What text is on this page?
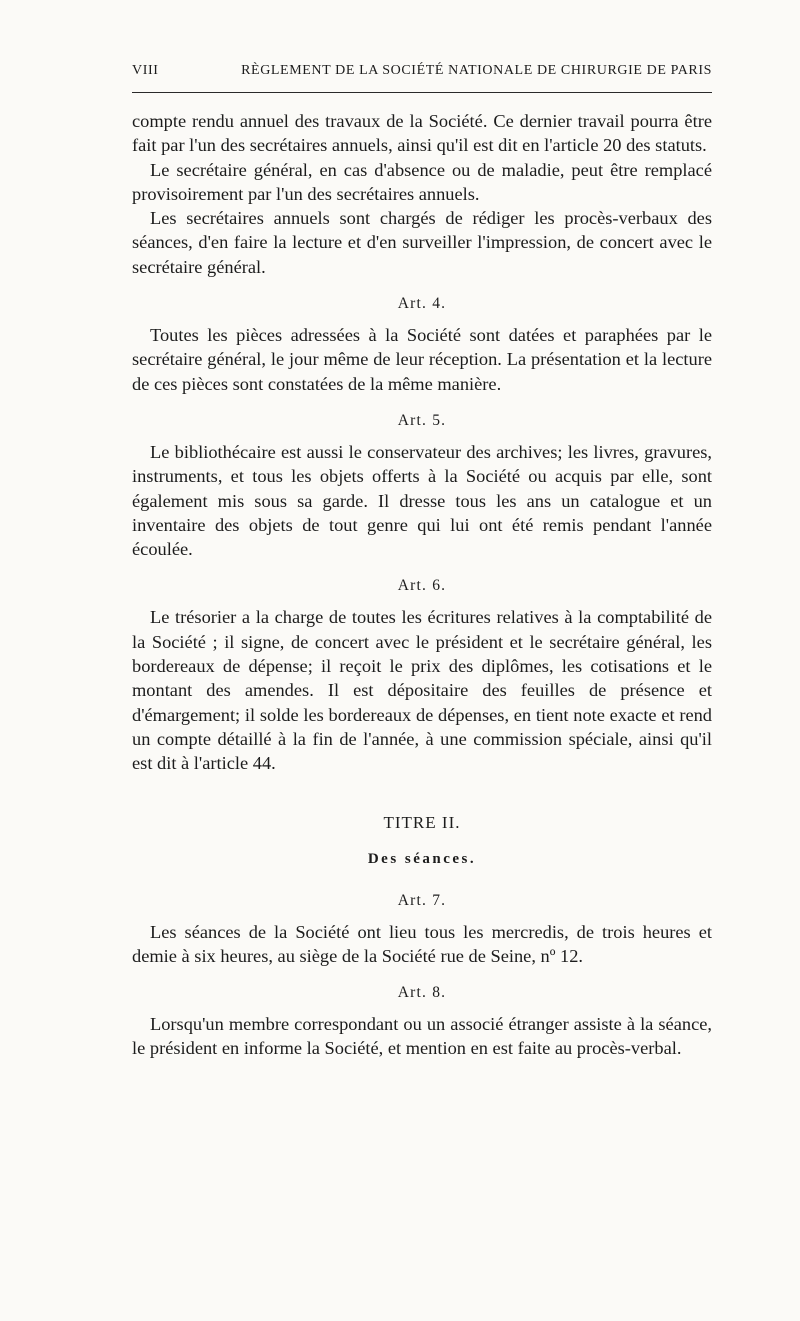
VIII	RÈGLEMENT DE LA SOCIÉTÉ NATIONALE DE CHIRURGIE DE PARIS

compte rendu annuel des travaux de la Société. Ce dernier travail pourra être fait par l'un des secrétaires annuels, ainsi qu'il est dit en l'article 20 des statuts.

Le secrétaire général, en cas d'absence ou de maladie, peut être remplacé provisoirement par l'un des secrétaires annuels.

Les secrétaires annuels sont chargés de rédiger les procès-verbaux des séances, d'en faire la lecture et d'en surveiller l'impression, de concert avec le secrétaire général.

Art. 4.

Toutes les pièces adressées à la Société sont datées et paraphées par le secrétaire général, le jour même de leur réception. La présentation et la lecture de ces pièces sont constatées de la même manière.

Art. 5.

Le bibliothécaire est aussi le conservateur des archives; les livres, gravures, instruments, et tous les objets offerts à la Société ou acquis par elle, sont également mis sous sa garde. Il dresse tous les ans un catalogue et un inventaire des objets de tout genre qui lui ont été remis pendant l'année écoulée.

Art. 6.

Le trésorier a la charge de toutes les écritures relatives à la comptabilité de la Société ; il signe, de concert avec le président et le secrétaire général, les bordereaux de dépense; il reçoit le prix des diplômes, les cotisations et le montant des amendes. Il est dépositaire des feuilles de présence et d'émargement; il solde les bordereaux de dépenses, en tient note exacte et rend un compte détaillé à la fin de l'année, à une commission spéciale, ainsi qu'il est dit à l'article 44.

TITRE II.
Des séances.
Art. 7.

Les séances de la Société ont lieu tous les mercredis, de trois heures et demie à six heures, au siège de la Société rue de Seine, nº 12.

Art. 8.

Lorsqu'un membre correspondant ou un associé étranger assiste à la séance, le président en informe la Société, et mention en est faite au procès-verbal.
